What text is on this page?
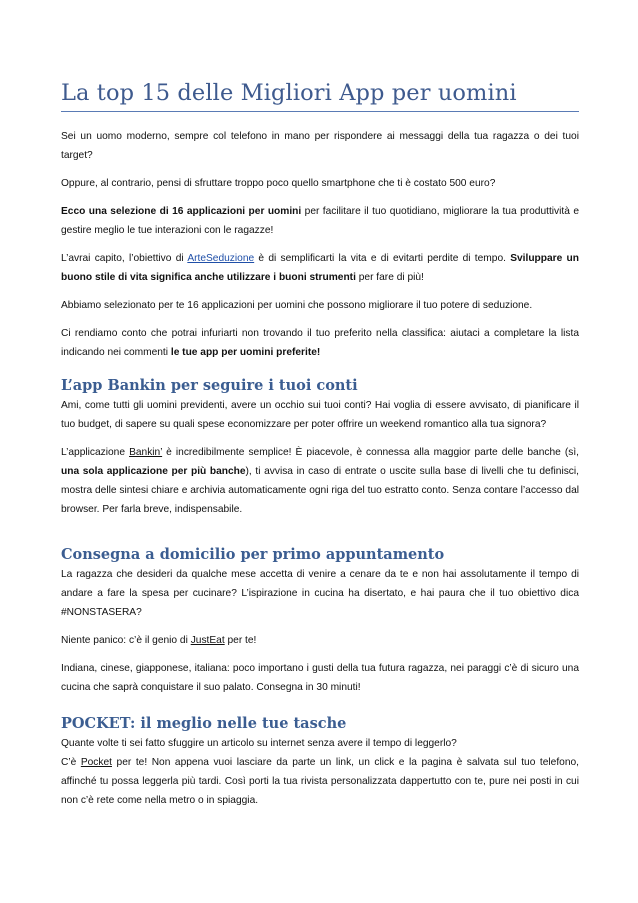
La top 15 delle Migliori App per uomini

Sei un uomo moderno, sempre col telefono in mano per rispondere ai messaggi della tua ragazza o dei tuoi target?

Oppure, al contrario, pensi di sfruttare troppo poco quello smartphone che ti è costato 500 euro?

Ecco una selezione di 16 applicazioni per uomini per facilitare il tuo quotidiano, migliorare la tua produttività e gestire meglio le tue interazioni con le ragazze!

L’avrai capito, l’obiettivo di ArteSeduzione è di semplificarti la vita e di evitarti perdite di tempo. Sviluppare un buono stile di vita significa anche utilizzare i buoni strumenti per fare di più!

Abbiamo selezionato per te 16 applicazioni per uomini che possono migliorare il tuo potere di seduzione.

Ci rendiamo conto che potrai infuriarti non trovando il tuo preferito nella classifica: aiutaci a completare la lista indicando nei commenti le tue app per uomini preferite!

L’app Bankin per seguire i tuoi conti

Ami, come tutti gli uomini previdenti, avere un occhio sui tuoi conti? Hai voglia di essere avvisato, di pianificare il tuo budget, di sapere su quali spese economizzare per poter offrire un weekend romantico alla tua signora?

L’applicazione Bankin’ è incredibilmente semplice! È piacevole, è connessa alla maggior parte delle banche (sì, una sola applicazione per più banche), ti avvisa in caso di entrate o uscite sulla base di livelli che tu definisci, mostra delle sintesi chiare e archivia automaticamente ogni riga del tuo estratto conto. Senza contare l’accesso dal browser. Per farla breve, indispensabile.

Consegna a domicilio per primo appuntamento

La ragazza che desideri da qualche mese accetta di venire a cenare da te e non hai assolutamente il tempo di andare a fare la spesa per cucinare? L’ispirazione in cucina ha disertato, e hai paura che il tuo obiettivo dica #NONSTASERA?

Niente panico: c’è il genio di JustEat per te!

Indiana, cinese, giapponese, italiana: poco importano i gusti della tua futura ragazza, nei paraggi c’è di sicuro una cucina che saprà conquistare il suo palato. Consegna in 30 minuti!

POCKET: il meglio nelle tue tasche

Quante volte ti sei fatto sfuggire un articolo su internet senza avere il tempo di leggerlo?

C’è Pocket per te! Non appena vuoi lasciare da parte un link, un click e la pagina è salvata sul tuo telefono, affinché tu possa leggerla più tardi. Così porti la tua rivista personalizzata dappertutto con te, pure nei posti in cui non c’è rete come nella metro o in spiaggia.
